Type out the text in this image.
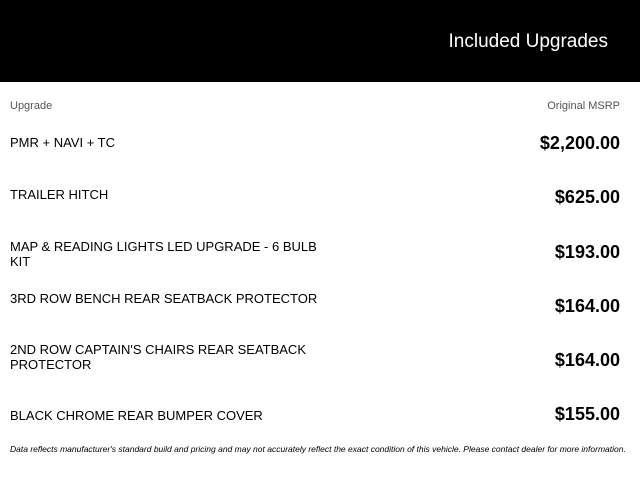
Included Upgrades
Upgrade	Original MSRP
PMR + NAVI + TC	$2,200.00
TRAILER HITCH	$625.00
MAP & READING LIGHTS LED UPGRADE - 6 BULB KIT	$193.00
3RD ROW BENCH REAR SEATBACK PROTECTOR	$164.00
2ND ROW CAPTAIN'S CHAIRS REAR SEATBACK PROTECTOR	$164.00
BLACK CHROME REAR BUMPER COVER	$155.00
Data reflects manufacturer's standard build and pricing and may not accurately reflect the exact condition of this vehicle. Please contact dealer for more information.
